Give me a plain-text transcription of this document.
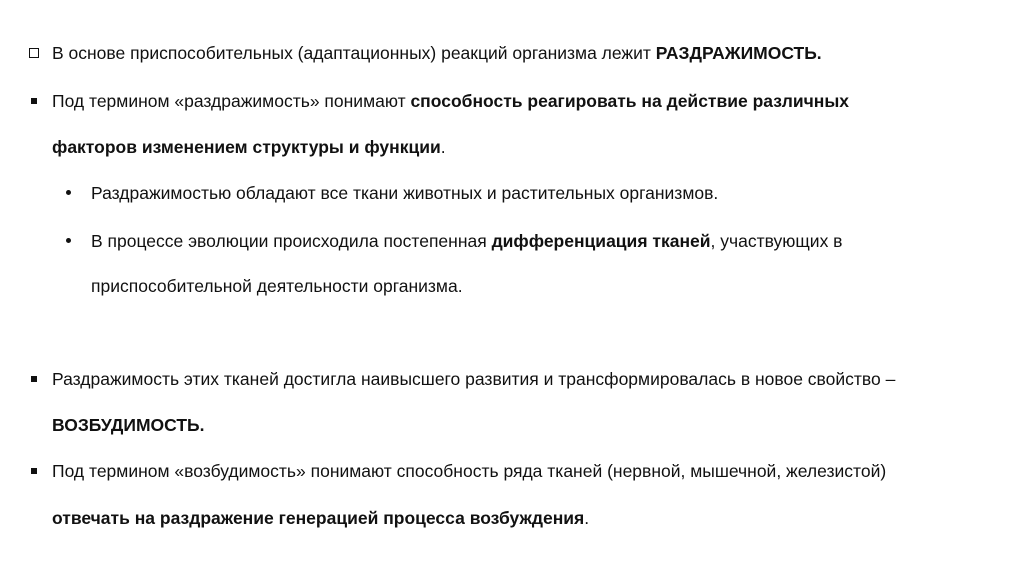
В основе приспособительных (адаптационных) реакций организма лежит РАЗДРАЖИМОСТЬ.
Под термином «раздражимость» понимают способность реагировать на действие различных
факторов изменением структуры и функции.
Раздражимостью обладают все ткани животных и растительных организмов.
В процессе эволюции происходила постепенная дифференциация тканей, участвующих в
приспособительной деятельности организма.
Раздражимость этих тканей достигла наивысшего развития и трансформировалась в новое свойство –
ВОЗБУДИМОСТЬ.
Под термином «возбудимость» понимают способность ряда тканей (нервной, мышечной, железистой)
отвечать на раздражение генерацией процесса возбуждения.
